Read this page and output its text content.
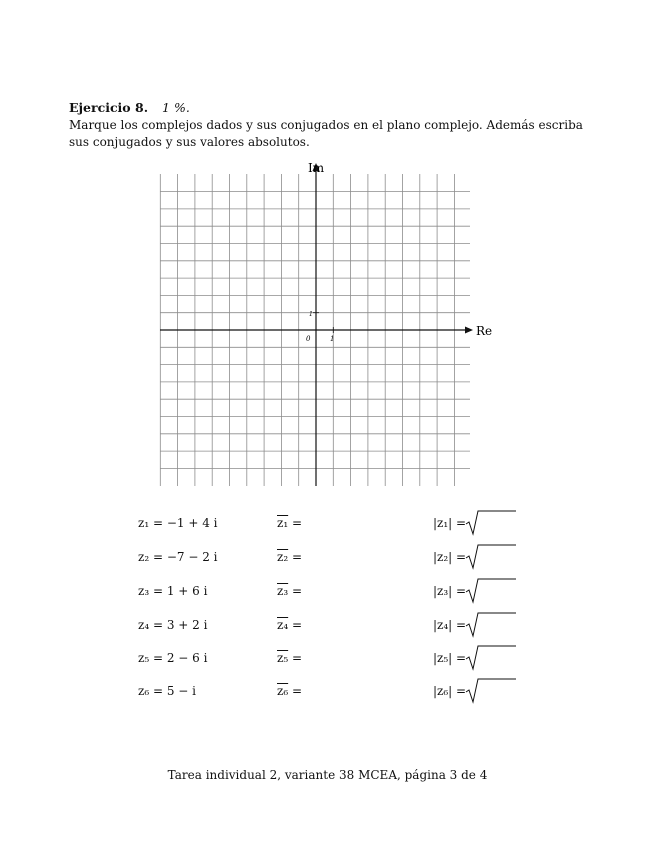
Ejercicio 8. 1 %.
Marque los complejos dados y sus conjugados en el plano complejo. Además escriba sus conjugados y sus valores absolutos.
Re
Im
0	1
1
z₁ = −1 + 4 i	z₁ =	|z₁| =
z₂ = −7 − 2 i	z₂ =	|z₂| =
z₃ = 1 + 6 i	z₃ =	|z₃| =
z₄ = 3 + 2 i	z₄ =	|z₄| =
z₅ = 2 − 6 i	z₅ =	|z₅| =
z₆ = 5 − i	z₆ =	|z₆| =
Tarea individual 2, variante 38 MCEA, página 3 de 4
